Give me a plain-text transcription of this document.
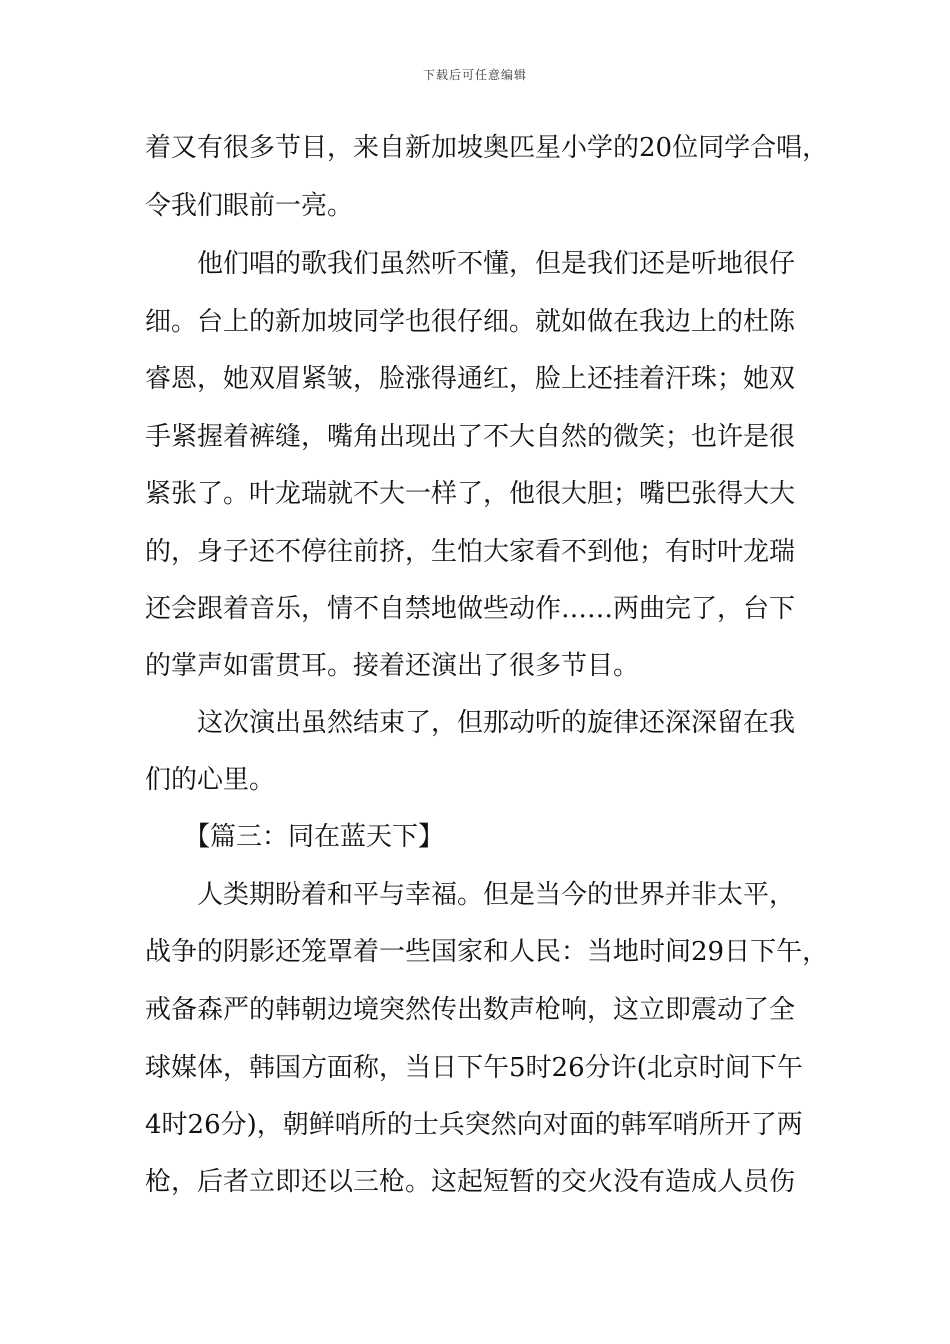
下载后可任意编辑
着又有很多节目，来自新加坡奥匹星小学的20位同学合唱，
令我们眼前一亮。
　　他们唱的歌我们虽然听不懂，但是我们还是听地很仔
细。台上的新加坡同学也很仔细。就如做在我边上的杜陈
睿恩，她双眉紧皱，脸涨得通红，脸上还挂着汗珠；她双
手紧握着裤缝，嘴角出现出了不大自然的微笑；也许是很
紧张了。叶龙瑞就不大一样了，他很大胆；嘴巴张得大大
的，身子还不停往前挤，生怕大家看不到他；有时叶龙瑞
还会跟着音乐，情不自禁地做些动作……两曲完了，台下
的掌声如雷贯耳。接着还演出了很多节目。
　　这次演出虽然结束了，但那动听的旋律还深深留在我
们的心里。
　　【篇三：同在蓝天下】
　　人类期盼着和平与幸福。但是当今的世界并非太平，
战争的阴影还笼罩着一些国家和人民：当地时间29日下午，
戒备森严的韩朝边境突然传出数声枪响，这立即震动了全
球媒体，韩国方面称，当日下午5时26分许(北京时间下午
4时26分)，朝鲜哨所的士兵突然向对面的韩军哨所开了两
枪，后者立即还以三枪。这起短暂的交火没有造成人员伤
